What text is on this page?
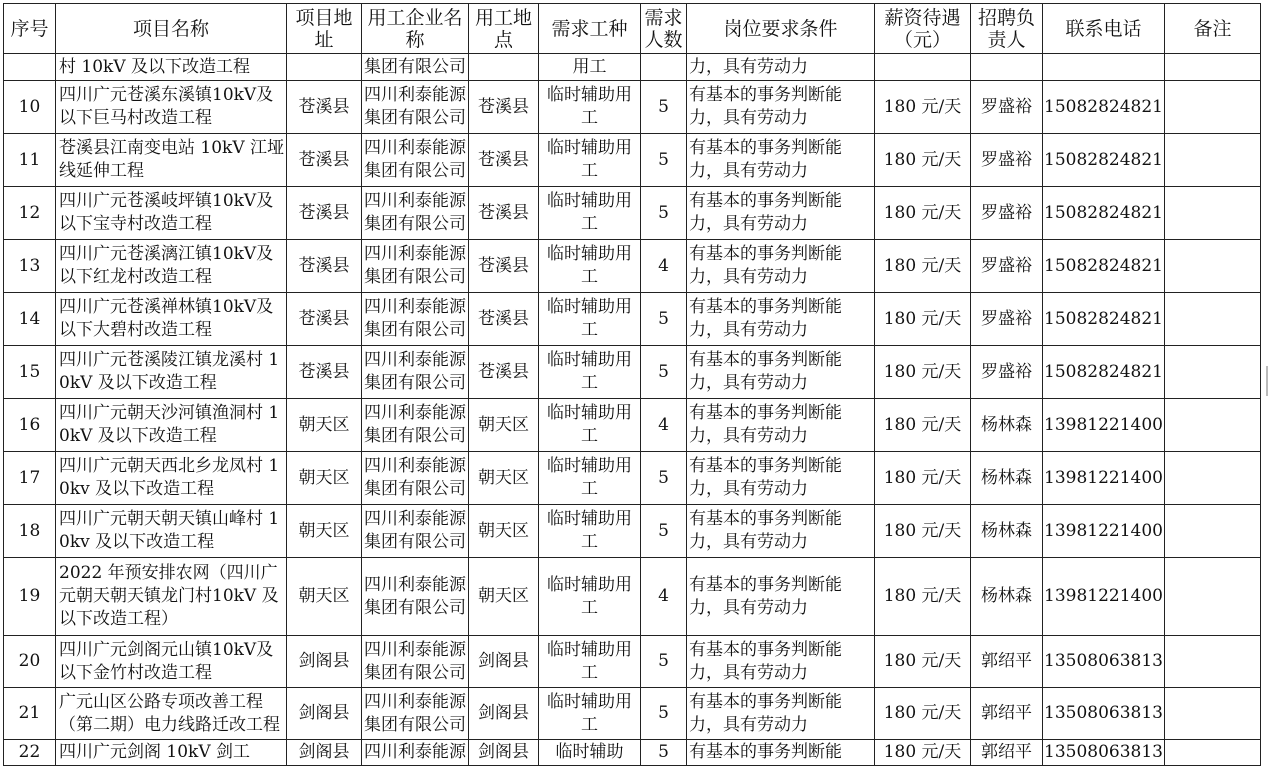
序号	项目名称	项目地址	用工企业名称	用工地点	需求工种	需求人数	岗位要求条件	薪资待遇（元）	招聘负责人	联系电话	备注
	村 10kV 及以下改造工程		集团有限公司		用工		力，具有劳动力				
10	四川广元苍溪东溪镇10kV及以下巨马村改造工程	苍溪县	四川利泰能源集团有限公司	苍溪县	临时辅助用工	5	有基本的事务判断能力，具有劳动力	180 元/天	罗盛裕	15082824821	
11	苍溪县江南变电站 10kV 江垭线延伸工程	苍溪县	四川利泰能源集团有限公司	苍溪县	临时辅助用工	5	有基本的事务判断能力，具有劳动力	180 元/天	罗盛裕	15082824821	
12	四川广元苍溪岐坪镇10kV及以下宝寺村改造工程	苍溪县	四川利泰能源集团有限公司	苍溪县	临时辅助用工	5	有基本的事务判断能力，具有劳动力	180 元/天	罗盛裕	15082824821	
13	四川广元苍溪漓江镇10kV及以下红龙村改造工程	苍溪县	四川利泰能源集团有限公司	苍溪县	临时辅助用工	4	有基本的事务判断能力，具有劳动力	180 元/天	罗盛裕	15082824821	
14	四川广元苍溪禅林镇10kV及以下大碧村改造工程	苍溪县	四川利泰能源集团有限公司	苍溪县	临时辅助用工	5	有基本的事务判断能力，具有劳动力	180 元/天	罗盛裕	15082824821	
15	四川广元苍溪陵江镇龙溪村 10kV 及以下改造工程	苍溪县	四川利泰能源集团有限公司	苍溪县	临时辅助用工	5	有基本的事务判断能力，具有劳动力	180 元/天	罗盛裕	15082824821	
16	四川广元朝天沙河镇渔洞村 10kV 及以下改造工程	朝天区	四川利泰能源集团有限公司	朝天区	临时辅助用工	4	有基本的事务判断能力，具有劳动力	180 元/天	杨林森	13981221400	
17	四川广元朝天西北乡龙凤村 10kv 及以下改造工程	朝天区	四川利泰能源集团有限公司	朝天区	临时辅助用工	5	有基本的事务判断能力，具有劳动力	180 元/天	杨林森	13981221400	
18	四川广元朝天朝天镇山峰村 10kv 及以下改造工程	朝天区	四川利泰能源集团有限公司	朝天区	临时辅助用工	5	有基本的事务判断能力，具有劳动力	180 元/天	杨林森	13981221400	
19	2022 年预安排农网（四川广元朝天朝天镇龙门村10kV 及以下改造工程）	朝天区	四川利泰能源集团有限公司	朝天区	临时辅助用工	4	有基本的事务判断能力，具有劳动力	180 元/天	杨林森	13981221400	
20	四川广元剑阁元山镇10kV及以下金竹村改造工程	剑阁县	四川利泰能源集团有限公司	剑阁县	临时辅助用工	5	有基本的事务判断能力，具有劳动力	180 元/天	郭绍平	13508063813	
21	广元山区公路专项改善工程（第二期）电力线路迁改工程	剑阁县	四川利泰能源集团有限公司	剑阁县	临时辅助用工	5	有基本的事务判断能力，具有劳动力	180 元/天	郭绍平	13508063813	
22	四川广元剑阁 10kV 剑工	剑阁县	四川利泰能源	剑阁县	临时辅助	5	有基本的事务判断能	180 元/天	郭绍平	13508063813	
